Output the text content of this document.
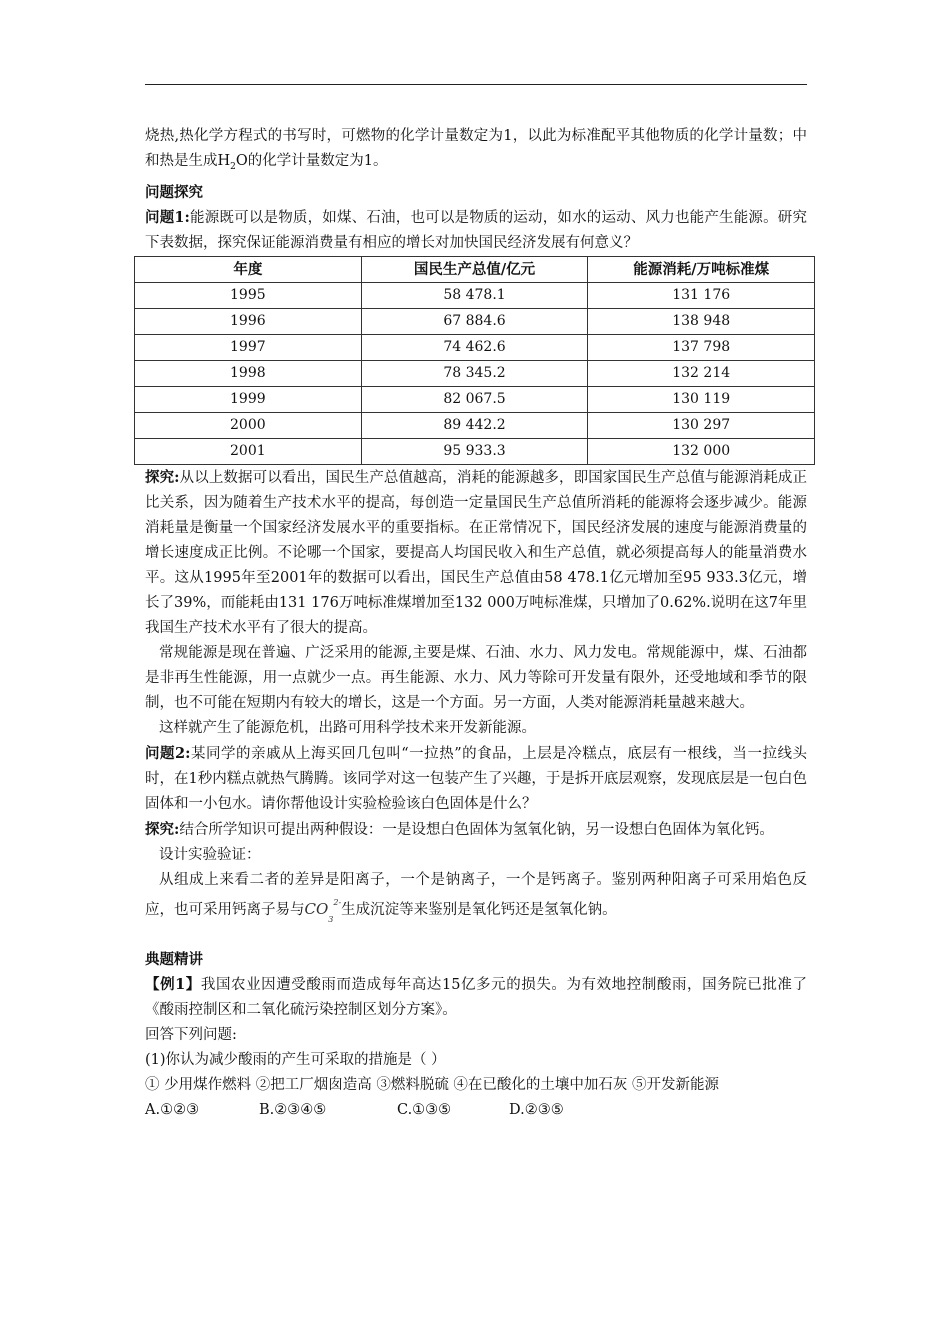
烧热,热化学方程式的书写时，可燃物的化学计量数定为1，以此为标准配平其他物质的化学计量数；中和热是生成$H_2O$的化学计量数定为1。

问题探究

问题1:能源既可以是物质，如煤、石油，也可以是物质的运动，如水的运动、风力也能产生能源。研究下表数据，探究保证能源消费量有相应的增长对加快国民经济发展有何意义？

年度	国民生产总值/亿元	能源消耗/万吨标准煤
1995	58 478.1	131 176
1996	67 884.6	138 948
1997	74 462.6	137 798
1998	78 345.2	132 214
1999	82 067.5	130 119
2000	89 442.2	130 297
2001	95 933.3	132 000

探究:从以上数据可以看出，国民生产总值越高，消耗的能源越多，即国家国民生产总值与能源消耗成正比关系，因为随着生产技术水平的提高，每创造一定量国民生产总值所消耗的能源将会逐步减少。能源消耗量是衡量一个国家经济发展水平的重要指标。在正常情况下，国民经济发展的速度与能源消费量的增长速度成正比例。不论哪一个国家，要提高人均国民收入和生产总值，就必须提高每人的能量消费水平。这从1995年至2001年的数据可以看出，国民生产总值由58 478.1亿元增加至95 933.3亿元，增长了39%，而能耗由131 176万吨标准煤增加至132 000万吨标准煤，只增加了0.62%.说明在这7年里我国生产技术水平有了很大的提高。

常规能源是现在普遍、广泛采用的能源,主要是煤、石油、水力、风力发电。常规能源中，煤、石油都是非再生性能源，用一点就少一点。再生能源、水力、风力等除可开发量有限外，还受地域和季节的限制，也不可能在短期内有较大的增长，这是一个方面。另一方面，人类对能源消耗量越来越大。

这样就产生了能源危机，出路可用科学技术来开发新能源。

问题2:某同学的亲戚从上海买回几包叫“一拉热”的食品，上层是冷糕点，底层有一根线，当一拉线头时，在1秒内糕点就热气腾腾。该同学对这一包装产生了兴趣，于是拆开底层观察，发现底层是一包白色固体和一小包水。请你帮他设计实验检验该白色固体是什么？

探究:结合所学知识可提出两种假设：一是设想白色固体为氢氧化钠，另一设想白色固体为氧化钙。

设计实验验证：

从组成上来看二者的差异是阳离子，一个是钠离子，一个是钙离子。鉴别两种阳离子可采用焰色反应，也可采用钙离子易与$CO_3^{2-}$生成沉淀等来鉴别是氧化钙还是氢氧化钠。

典题精讲

【例1】我国农业因遭受酸雨而造成每年高达15亿多元的损失。为有效地控制酸雨，国务院已批准了《酸雨控制区和二氧化硫污染控制区划分方案》。

回答下列问题:

(1)你认为减少酸雨的产生可采取的措施是（ ）

① 少用煤作燃料 ②把工厂烟囱造高 ③燃料脱硫 ④在已酸化的土壤中加石灰 ⑤开发新能源

A.①②③	B.②③④⑤	C.①③⑤	D.②③⑤
